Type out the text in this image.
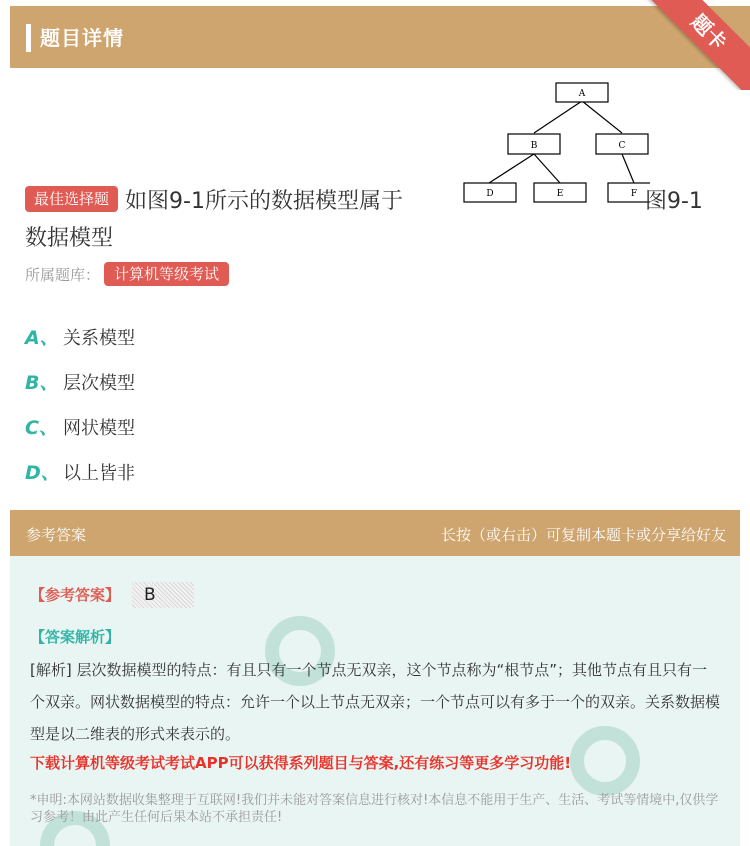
题目详情	题卡
A
B	C
D	E	F
最佳选择题 如图9-1所示的数据模型属于	图9-1
数据模型
所属题库： 计算机等级考试
A、 关系模型
B、 层次模型
C、 网状模型
D、 以上皆非
参考答案	长按（或右击）可复制本题卡或分享给好友
【参考答案】	B
【答案解析】
[解析] 层次数据模型的特点：有且只有一个节点无双亲，这个节点称为“根节点”；其他节点有且只有一个双亲。网状数据模型的特点：允许一个以上节点无双亲；一个节点可以有多于一个的双亲。关系数据模型是以二维表的形式来表示的。
下载计算机等级考试考试APP可以获得系列题目与答案,还有练习等更多学习功能!
*申明:本网站数据收集整理于互联网!我们并未能对答案信息进行核对!本信息不能用于生产、生活、考试等情境中,仅供学习参考！由此产生任何后果本站不承担责任!
